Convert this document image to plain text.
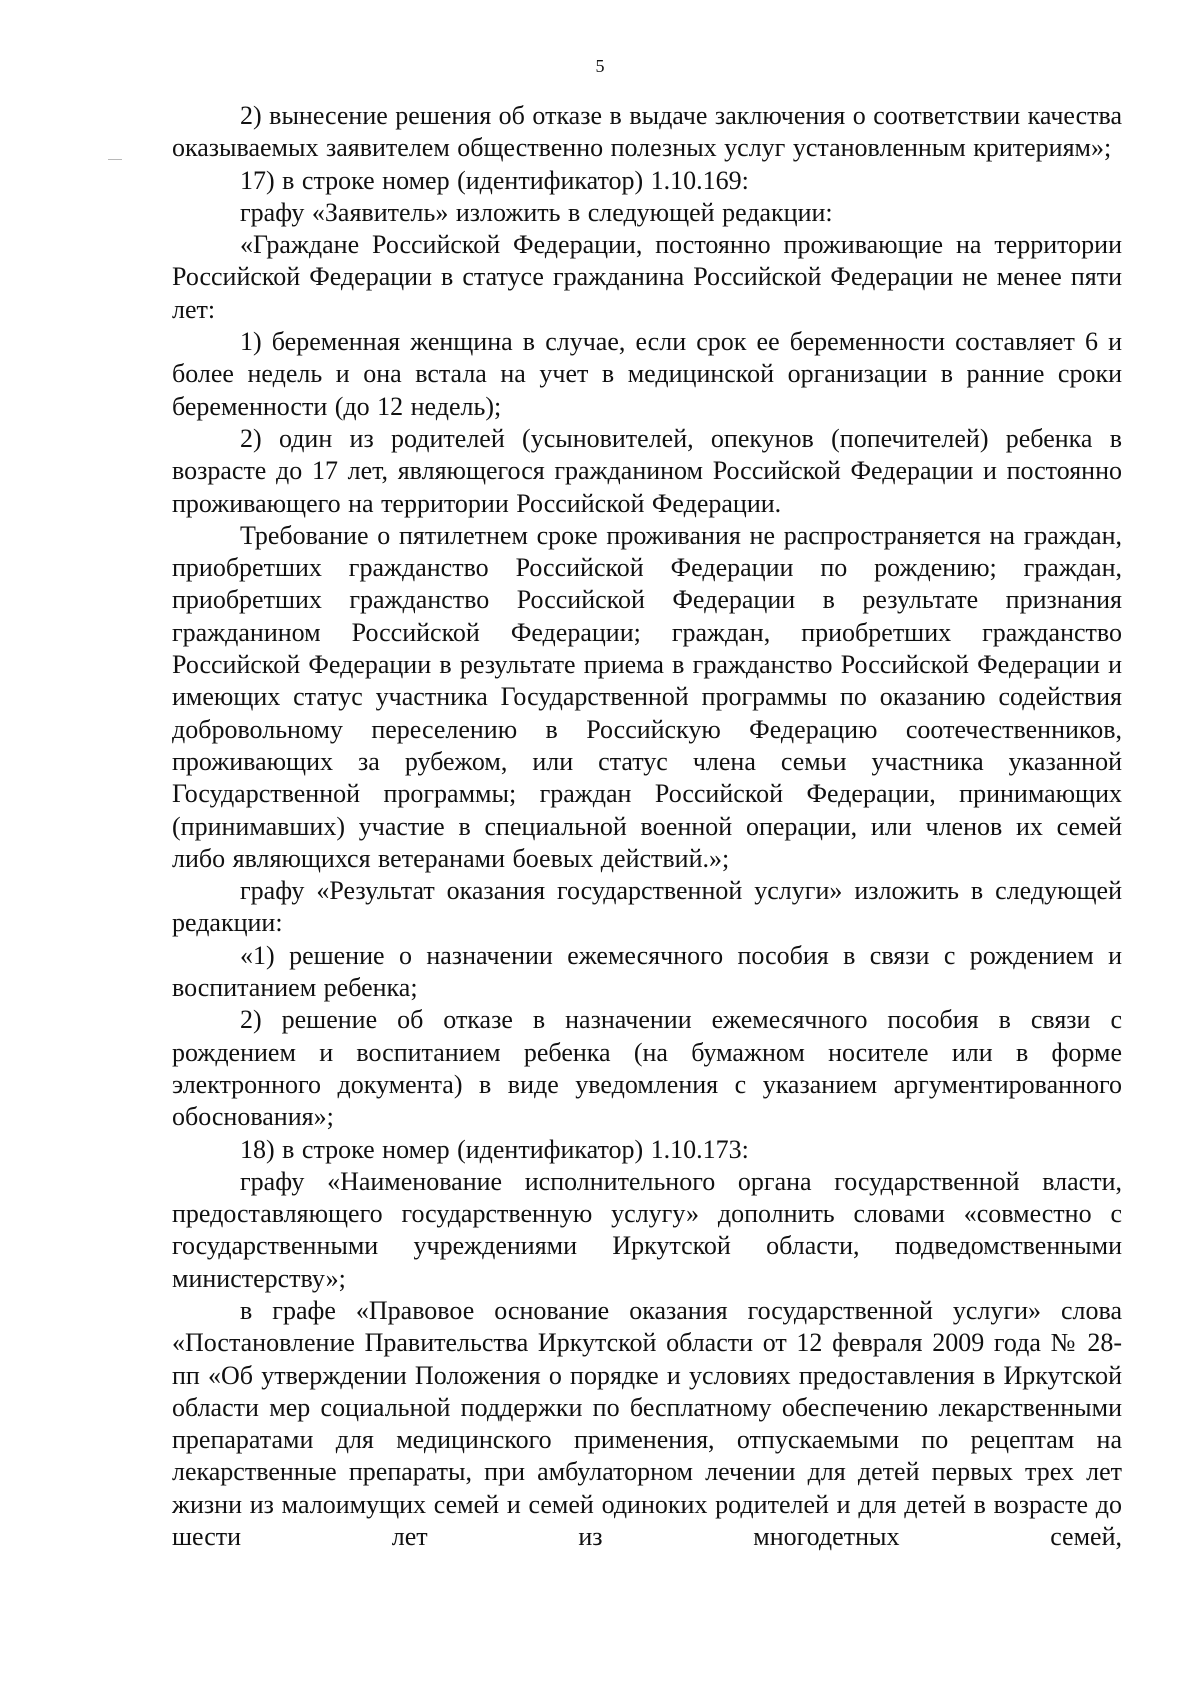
5

2) вынесение решения об отказе в выдаче заключения о соответствии качества оказываемых заявителем общественно полезных услуг установленным критериям»;

17) в строке номер (идентификатор) 1.10.169:

графу «Заявитель» изложить в следующей редакции:

«Граждане Российской Федерации, постоянно проживающие на территории Российской Федерации в статусе гражданина Российской Федерации не менее пяти лет:

1) беременная женщина в случае, если срок ее беременности составляет 6 и более недель и она встала на учет в медицинской организации в ранние сроки беременности (до 12 недель);

2) один из родителей (усыновителей, опекунов (попечителей) ребенка в возрасте до 17 лет, являющегося гражданином Российской Федерации и постоянно проживающего на территории Российской Федерации.

Требование о пятилетнем сроке проживания не распространяется на граждан, приобретших гражданство Российской Федерации по рождению; граждан, приобретших гражданство Российской Федерации в результате признания гражданином Российской Федерации; граждан, приобретших гражданство Российской Федерации в результате приема в гражданство Российской Федерации и имеющих статус участника Государственной программы по оказанию содействия добровольному переселению в Российскую Федерацию соотечественников, проживающих за рубежом, или статус члена семьи участника указанной Государственной программы; граждан Российской Федерации, принимающих (принимавших) участие в специальной военной операции, или членов их семей либо являющихся ветеранами боевых действий.»;

графу «Результат оказания государственной услуги» изложить в следующей редакции:

«1) решение о назначении ежемесячного пособия в связи с рождением и воспитанием ребенка;

2) решение об отказе в назначении ежемесячного пособия в связи с рождением и воспитанием ребенка (на бумажном носителе или в форме электронного документа) в виде уведомления с указанием аргументированного обоснования»;

18) в строке номер (идентификатор) 1.10.173:

графу «Наименование исполнительного органа государственной власти, предоставляющего государственную услугу» дополнить словами «совместно с государственными учреждениями Иркутской области, подведомственными министерству»;

в графе «Правовое основание оказания государственной услуги» слова «Постановление Правительства Иркутской области от 12 февраля 2009 года № 28-пп «Об утверждении Положения о порядке и условиях предоставления в Иркутской области мер социальной поддержки по бесплатному обеспечению лекарственными препаратами для медицинского применения, отпускаемыми по рецептам на лекарственные препараты, при амбулаторном лечении для детей первых трех лет жизни из малоимущих семей и семей одиноких родителей и для детей в возрасте до шести лет из многодетных семей,
